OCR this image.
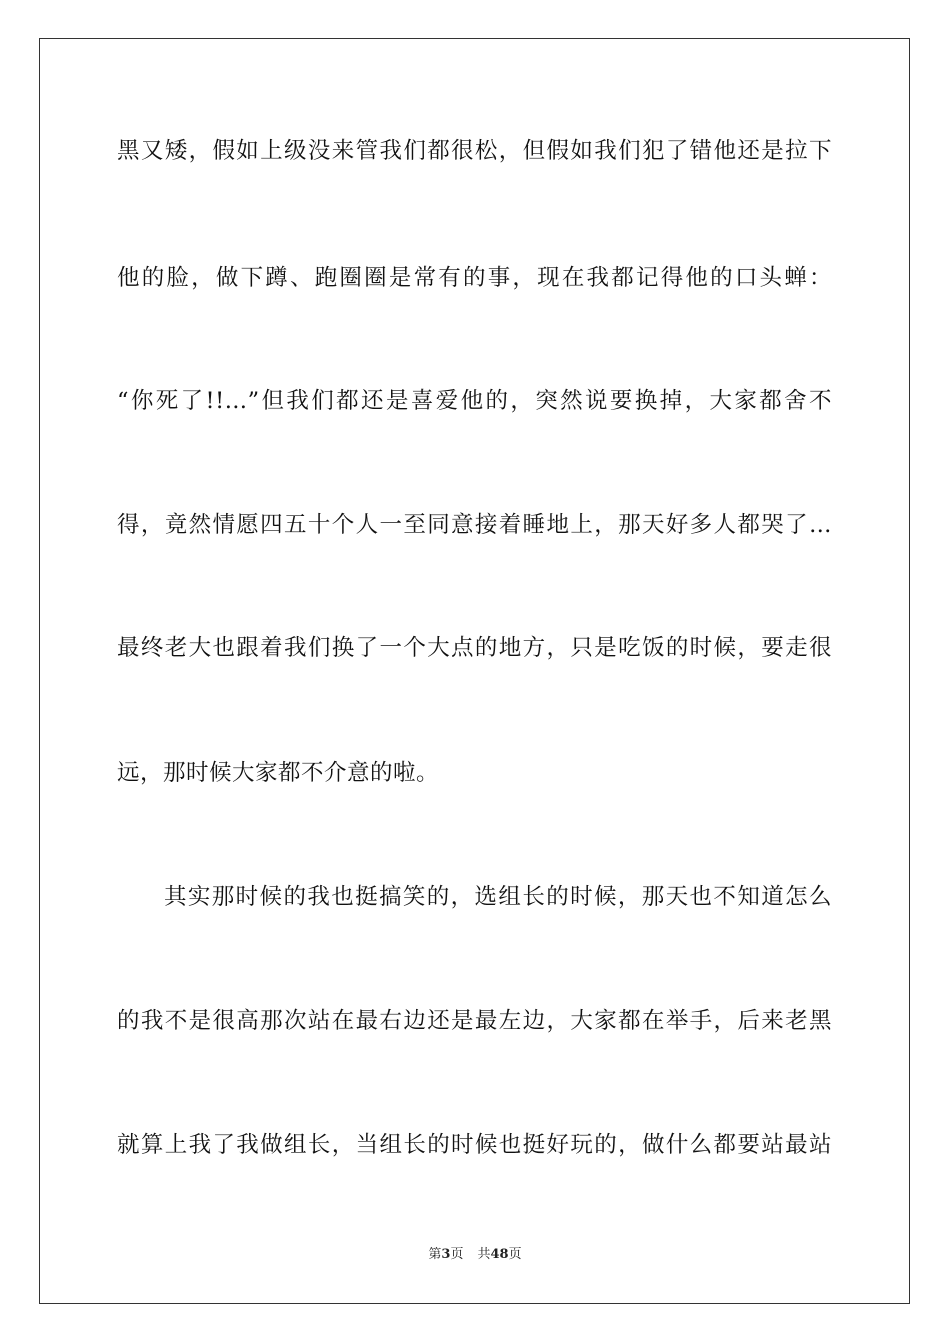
黑又矮，假如上级没来管我们都很松，但假如我们犯了错他还是拉下
他的脸，做下蹲、跑圈圈是常有的事，现在我都记得他的口头蝉：
“你死了!!…”但我们都还是喜爱他的，突然说要换掉，大家都舍不
得，竟然情愿四五十个人一至同意接着睡地上，那天好多人都哭了…
最终老大也跟着我们换了一个大点的地方，只是吃饭的时候，要走很
远，那时候大家都不介意的啦。
其实那时候的我也挺搞笑的，选组长的时候，那天也不知道怎么
的我不是很高那次站在最右边还是最左边，大家都在举手，后来老黑
就算上我了我做组长，当组长的时候也挺好玩的，做什么都要站最站
第3页 共48页
